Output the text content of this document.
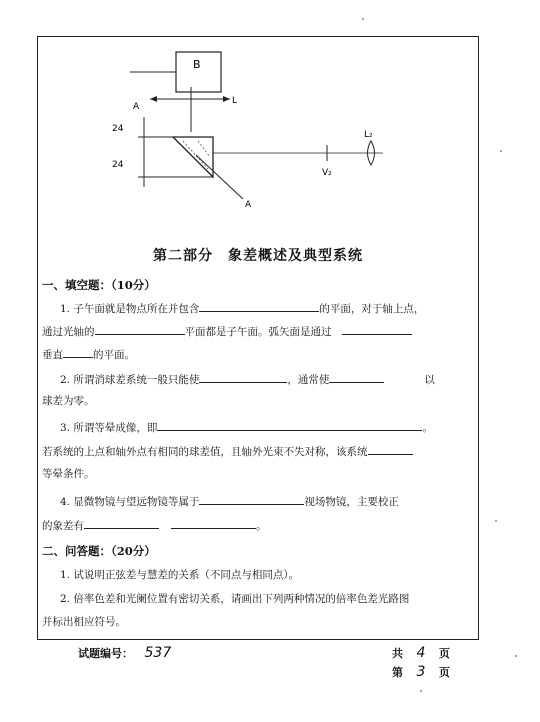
B
L
A
24
24
A
L₂
V₂
第二部分　象差概述及典型系统
一、填空题：（10分）
1. 子午面就是物点所在并包含	的平面，对于轴上点，
通过光轴的	平面都是子午面。弧矢面是通过
垂直	的平面。
2. 所谓消球差系统一般只能使	，通常使	以
球差为零。
3. 所谓等晕成像，即	。
若系统的上点和轴外点有相同的球差值，且轴外光束不失对称，该系统
等晕条件。
4. 显微物镜与望远物镜等属于	视场物镜，主要校正
的象差有	。
二、问答题：（20分）
1. 试说明正弦差与慧差的关系（不同点与相同点）。
2. 倍率色差和光阑位置有密切关系，请画出下列两种情况的倍率色差光路图
并标出相应符号。
试题编号： 537	共 4 页
第 3 页
